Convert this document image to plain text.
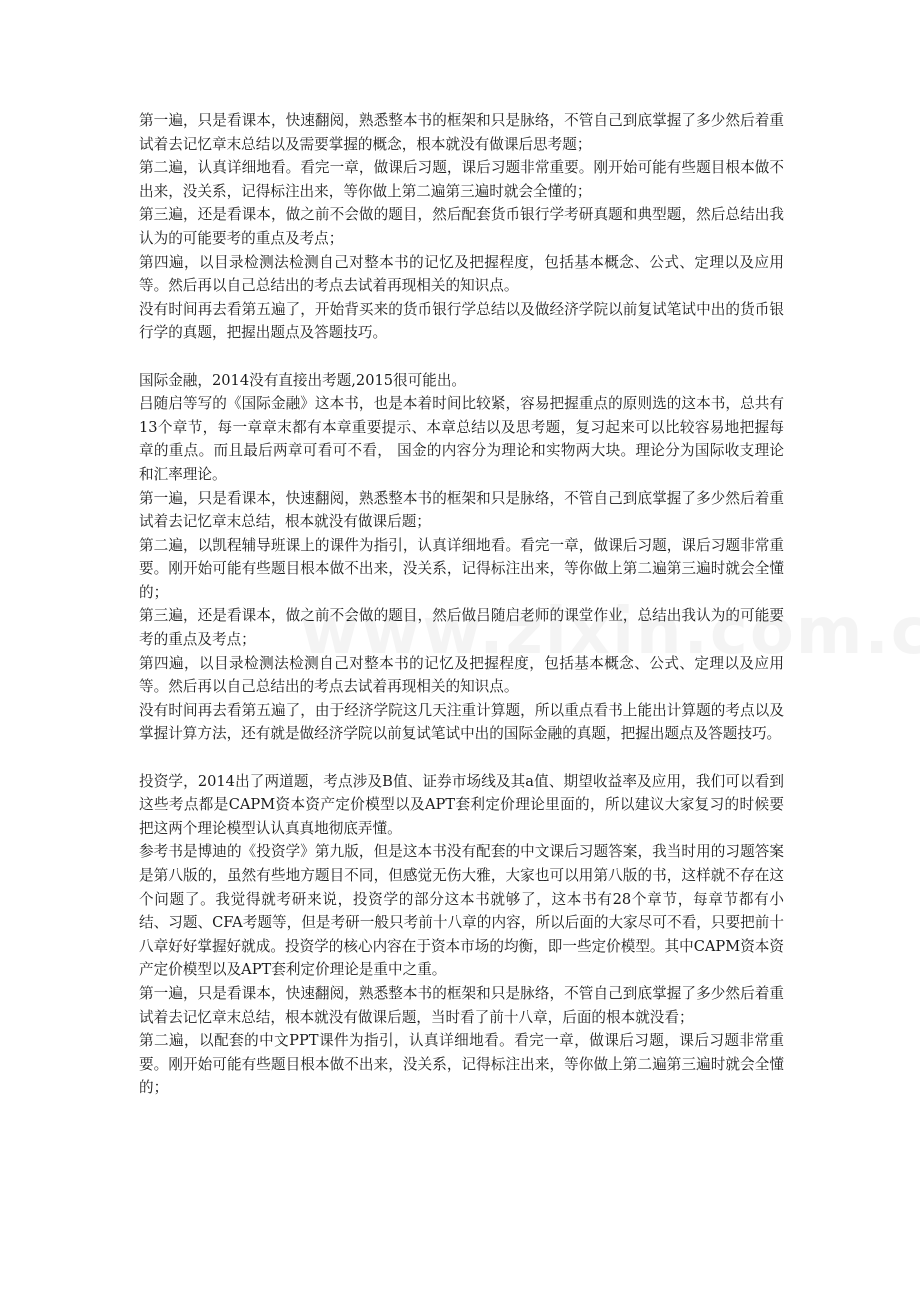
第一遍，只是看课本，快速翻阅，熟悉整本书的框架和只是脉络，不管自己到底掌握了多少然后着重试着去记忆章末总结以及需要掌握的概念，根本就没有做课后思考题；

第二遍，认真详细地看。看完一章，做课后习题，课后习题非常重要。刚开始可能有些题目根本做不出来，没关系，记得标注出来，等你做上第二遍第三遍时就会全懂的；

第三遍，还是看课本，做之前不会做的题目，然后配套货币银行学考研真题和典型题，然后总结出我认为的可能要考的重点及考点；

第四遍，以目录检测法检测自己对整本书的记忆及把握程度，包括基本概念、公式、定理以及应用等。然后再以自己总结出的考点去试着再现相关的知识点。

没有时间再去看第五遍了，开始背买来的货币银行学总结以及做经济学院以前复试笔试中出的货币银行学的真题，把握出题点及答题技巧。

国际金融，2014没有直接出考题,2015很可能出。

吕随启等写的《国际金融》这本书，也是本着时间比较紧，容易把握重点的原则选的这本书，总共有13个章节，每一章章末都有本章重要提示、本章总结以及思考题，复习起来可以比较容易地把握每章的重点。而且最后两章可看可不看， 国金的内容分为理论和实物两大块。理论分为国际收支理论和汇率理论。

第一遍，只是看课本，快速翻阅，熟悉整本书的框架和只是脉络，不管自己到底掌握了多少然后着重试着去记忆章末总结，根本就没有做课后题；

第二遍，以凯程辅导班课上的课件为指引，认真详细地看。看完一章，做课后习题，课后习题非常重要。刚开始可能有些题目根本做不出来，没关系，记得标注出来，等你做上第二遍第三遍时就会全懂的；

第三遍，还是看课本，做之前不会做的题目，然后做吕随启老师的课堂作业，总结出我认为的可能要考的重点及考点；

第四遍，以目录检测法检测自己对整本书的记忆及把握程度，包括基本概念、公式、定理以及应用等。然后再以自己总结出的考点去试着再现相关的知识点。

没有时间再去看第五遍了，由于经济学院这几天注重计算题，所以重点看书上能出计算题的考点以及掌握计算方法，还有就是做经济学院以前复试笔试中出的国际金融的真题，把握出题点及答题技巧。

投资学，2014出了两道题，考点涉及B值、证券市场线及其a值、期望收益率及应用，我们可以看到这些考点都是CAPM资本资产定价模型以及APT套利定价理论里面的，所以建议大家复习的时候要把这两个理论模型认认真真地彻底弄懂。

参考书是博迪的《投资学》第九版，但是这本书没有配套的中文课后习题答案，我当时用的习题答案是第八版的，虽然有些地方题目不同，但感觉无伤大雅，大家也可以用第八版的书，这样就不存在这个问题了。我觉得就考研来说，投资学的部分这本书就够了，这本书有28个章节，每章节都有小结、习题、CFA考题等，但是考研一般只考前十八章的内容，所以后面的大家尽可不看，只要把前十八章好好掌握好就成。投资学的核心内容在于资本市场的均衡，即一些定价模型。其中CAPM资本资产定价模型以及APT套利定价理论是重中之重。

第一遍，只是看课本，快速翻阅，熟悉整本书的框架和只是脉络，不管自己到底掌握了多少然后着重试着去记忆章末总结，根本就没有做课后题，当时看了前十八章，后面的根本就没看；

第二遍，以配套的中文PPT课件为指引，认真详细地看。看完一章，做课后习题，课后习题非常重要。刚开始可能有些题目根本做不出来，没关系，记得标注出来，等你做上第二遍第三遍时就会全懂的；
